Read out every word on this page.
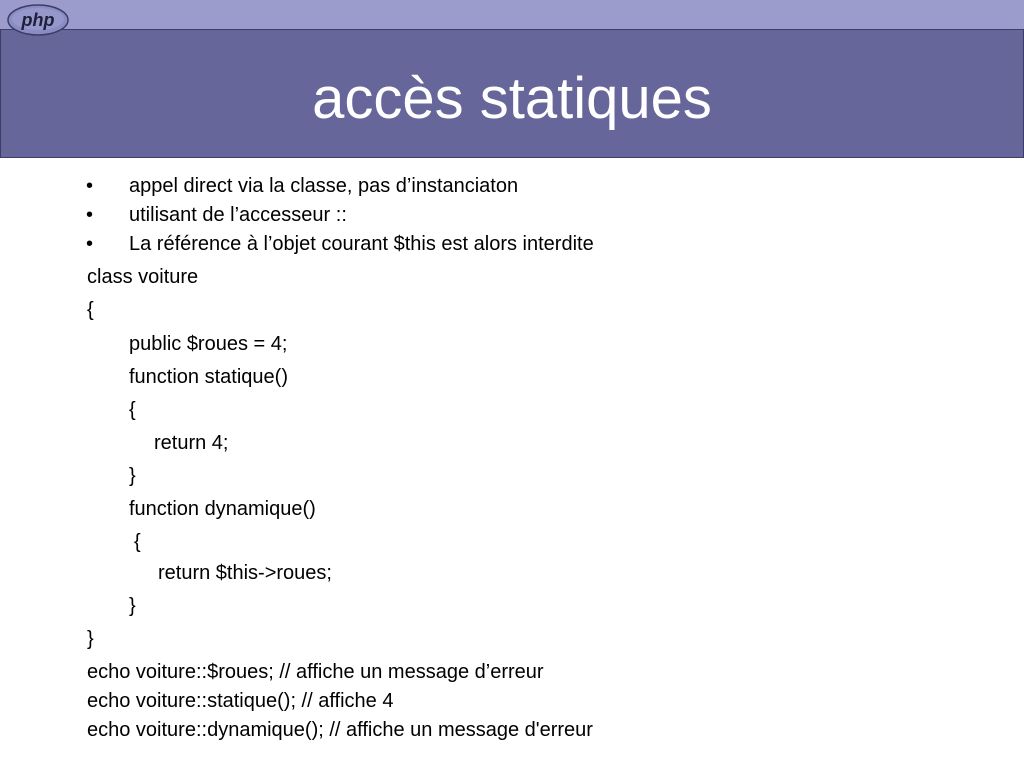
php
accès statiques
• appel direct via la classe, pas d’instanciaton
• utilisant de l’accesseur ::
• La référence à l’objet courant $this est alors interdite
class voiture
{
public $roues = 4;
function statique()
{
return 4;
}
function dynamique()
{
return $this->roues;
}
}
echo voiture::$roues; // affiche un message d’erreur
echo voiture::statique(); // affiche 4
echo voiture::dynamique(); // affiche un message d'erreur
